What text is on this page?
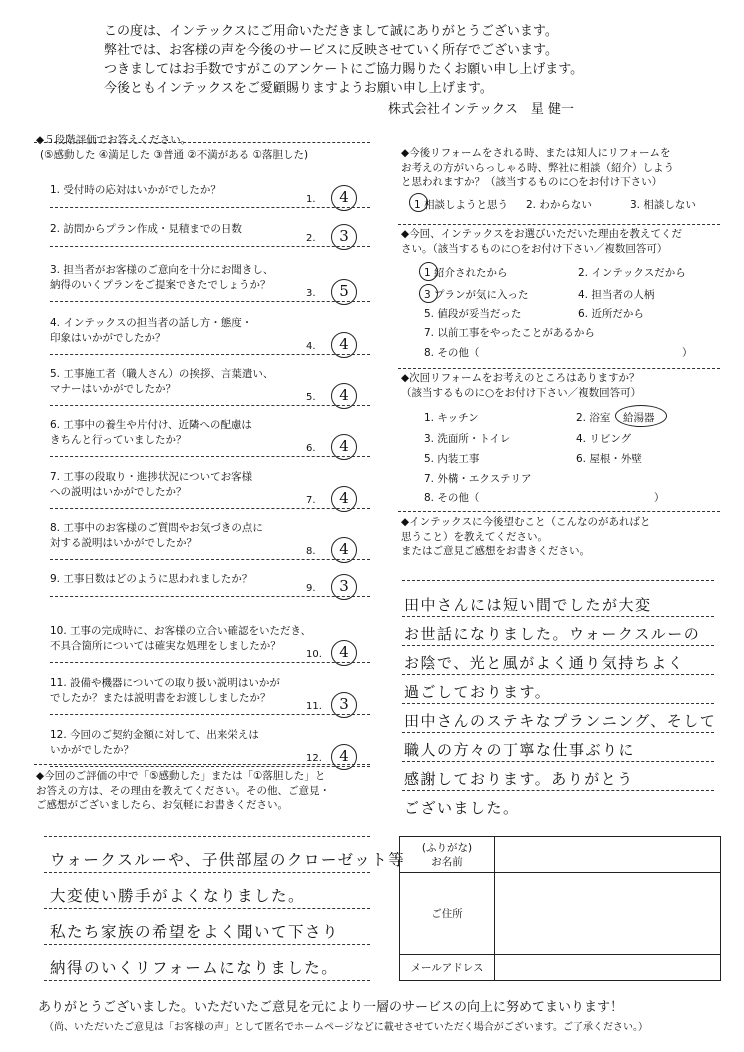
この度は、インテックスにご用命いただきまして誠にありがとうございます。
弊社では、お客様の声を今後のサービスに反映させていく所存でございます。
つきましてはお手数ですがこのアンケートにご協力賜りたくお願い申し上げます。
今後ともインテックスをご愛顧賜りますようお願い申し上げます。
株式会社インテックス　星 健一
◆５段階評価でお答えください。
(⑤感動した ④満足した ③普通 ②不満がある ①落胆した)
1. 受付時の応対はいかがでしたか？
1.	4
2. 訪問からプラン作成・見積までの日数
2.	3
3. 担当者がお客様のご意向を十分にお聞きし、
納得のいくプランをご提案できたでしょうか？
3.	5
4. インテックスの担当者の話し方・態度・
印象はいかがでしたか？
4.	4
5. 工事施工者（職人さん）の挨拶、言葉遣い、
マナーはいかがでしたか？
5.	4
6. 工事中の養生や片付け、近隣への配慮は
きちんと行っていましたか？
6.	4
7. 工事の段取り・進捗状況についてお客様
への説明はいかがでしたか？
7.	4
8. 工事中のお客様のご質問やお気づきの点に
対する説明はいかがでしたか？
8.	4
9. 工事日数はどのように思われましたか？
9.	3
10. 工事の完成時に、お客様の立合い確認をいただき、
不具合箇所については確実な処理をしましたか？
10.	4
11. 設備や機器についての取り扱い説明はいかが
でしたか？または説明書をお渡ししましたか？
11.	3
12. 今回のご契約金額に対して、出来栄えは
いかがでしたか？
12.	4
◆今回のご評価の中で「⑤感動した」または「①落胆した」と
お答えの方は、その理由を教えてください。その他、ご意見・
ご感想がございましたら、お気軽にお書きください。
ウォークスルーや、子供部屋のクローゼット等
大変使い勝手がよくなりました。
私たち家族の希望をよく聞いて下さり
納得のいくリフォームになりました。
◆今後リフォームをされる時、または知人にリフォームを
お考えの方がいらっしゃる時、弊社に相談（紹介）しよう
と思われますか？（該当するものに○をお付け下さい）
1 相談しようと思う 2. わからない	3. 相談しない
◆今回、インテックスをお選びいただいた理由を教えてくだ
さい。（該当するものに○をお付け下さい／複数回答可）
1 紹介されたから	2. インテックスだから
3 プランが気に入った	4. 担当者の人柄
5. 値段が妥当だった	6. 近所だから
7. 以前工事をやったことがあるから
8. その他（	）
◆次回リフォームをお考えのところはありますか？
（該当するものに○をお付け下さい／複数回答可）
1. キッチン	2. 浴室 給湯器
3. 洗面所・トイレ	4. リビング
5. 内装工事	6. 屋根・外壁
7. 外構・エクステリア
8. その他（	）
◆インテックスに今後望むこと（こんなのがあればと
思うこと）を教えてください。
またはご意見ご感想をお書きください。
田中さんには短い間でしたが大変
お世話になりました。ウォークスルーの
お陰で、光と風がよく通り気持ちよく
過ごしております。
田中さんのステキなプランニング、そして
職人の方々の丁寧な仕事ぶりに
感謝しております。ありがとう
ございました。
(ふりがな)
お名前	

ご住所	
メールアドレス	
ありがとうございました。いただいたご意見を元により一層のサービスの向上に努めてまいります！
（尚、いただいたご意見は「お客様の声」として匿名でホームページなどに載せさせていただく場合がございます。ご了承ください。）
